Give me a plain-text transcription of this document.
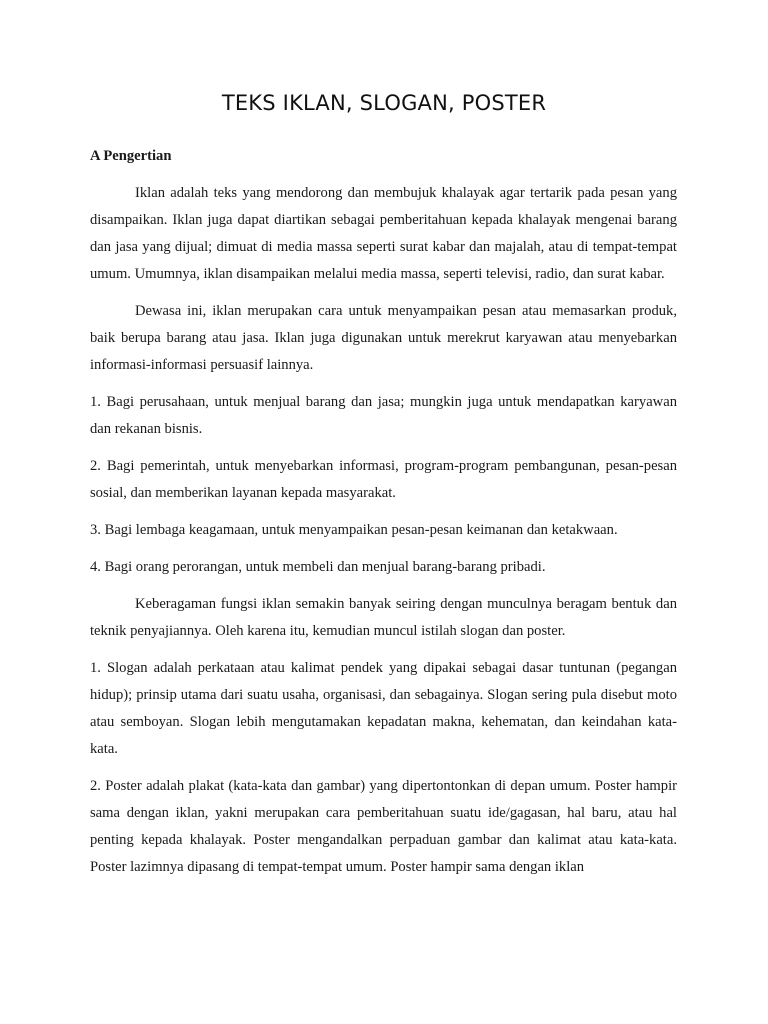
TEKS IKLAN, SLOGAN, POSTER

A Pengertian

Iklan adalah teks yang mendorong dan membujuk khalayak agar tertarik pada pesan yang disampaikan. Iklan juga dapat diartikan sebagai pemberitahuan kepada khalayak mengenai barang dan jasa yang dijual; dimuat di media massa seperti surat kabar dan majalah, atau di tempat-tempat umum. Umumnya, iklan disampaikan melalui media massa, seperti televisi, radio, dan surat kabar.

Dewasa ini, iklan merupakan cara untuk menyampaikan pesan atau memasarkan produk, baik berupa barang atau jasa. Iklan juga digunakan untuk merekrut karyawan atau menyebarkan informasi-informasi persuasif lainnya.

1. Bagi perusahaan, untuk menjual barang dan jasa; mungkin juga untuk mendapatkan karyawan dan rekanan bisnis.

2. Bagi pemerintah, untuk menyebarkan informasi, program-program pembangunan, pesan-pesan sosial, dan memberikan layanan kepada masyarakat.

3. Bagi lembaga keagamaan, untuk menyampaikan pesan-pesan keimanan dan ketakwaan.

4. Bagi orang perorangan, untuk membeli dan menjual barang-barang pribadi.

Keberagaman fungsi iklan semakin banyak seiring dengan munculnya beragam bentuk dan teknik penyajiannya. Oleh karena itu, kemudian muncul istilah slogan dan poster.

1. Slogan adalah perkataan atau kalimat pendek yang dipakai sebagai dasar tuntunan (pegangan hidup); prinsip utama dari suatu usaha, organisasi, dan sebagainya. Slogan sering pula disebut moto atau semboyan. Slogan lebih mengutamakan kepadatan makna, kehematan, dan keindahan kata-kata.

2. Poster adalah plakat (kata-kata dan gambar) yang dipertontonkan di depan umum. Poster hampir sama dengan iklan, yakni merupakan cara pemberitahuan suatu ide/gagasan, hal baru, atau hal penting kepada khalayak. Poster mengandalkan perpaduan gambar dan kalimat atau kata-kata. Poster lazimnya dipasang di tempat-tempat umum. Poster hampir sama dengan iklan
